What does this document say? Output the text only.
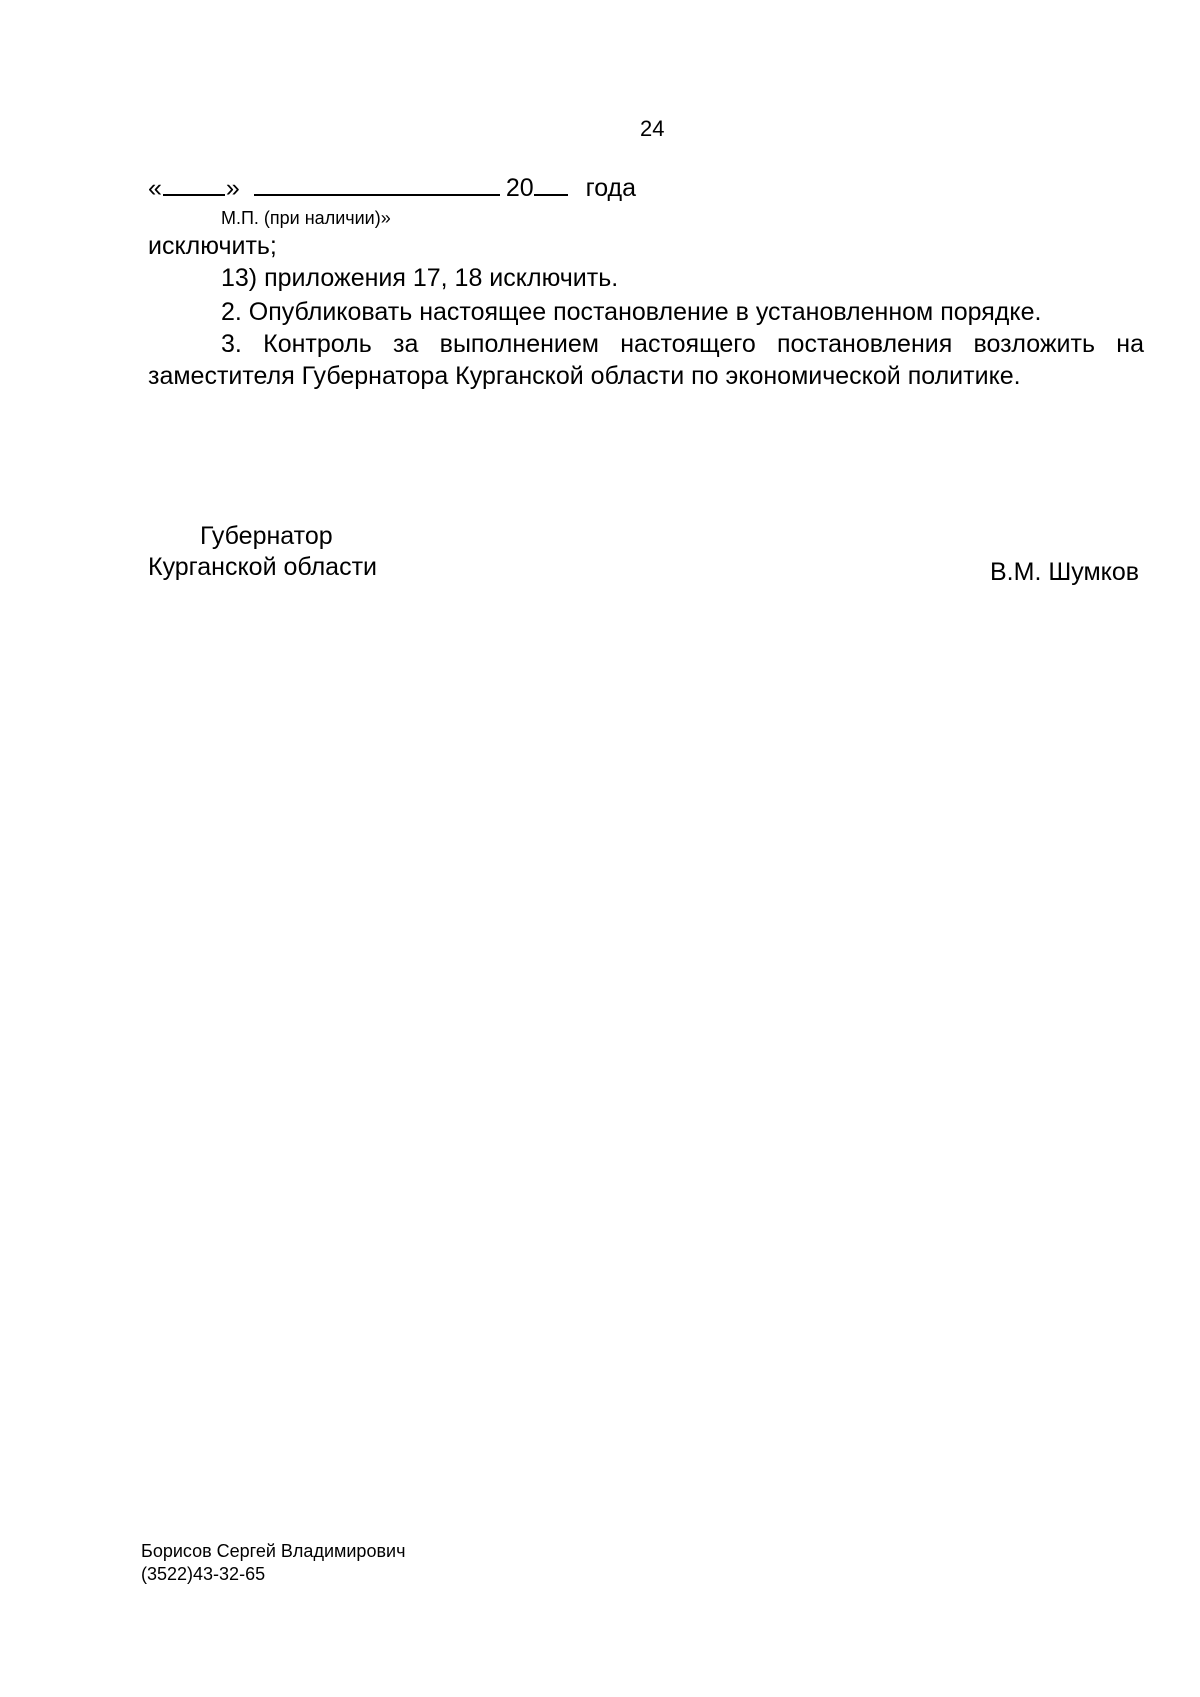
24
«	»	20 года
М.П. (при наличии)»
исключить;
13) приложения 17, 18 исключить.
2. Опубликовать настоящее постановление в установленном порядке.
3. Контроль за выполнением настоящего постановления возложить на заместителя Губернатора Курганской области по экономической политике.
Губернатор
Курганской области	В.М. Шумков
Борисов Сергей Владимирович
(3522)43-32-65
